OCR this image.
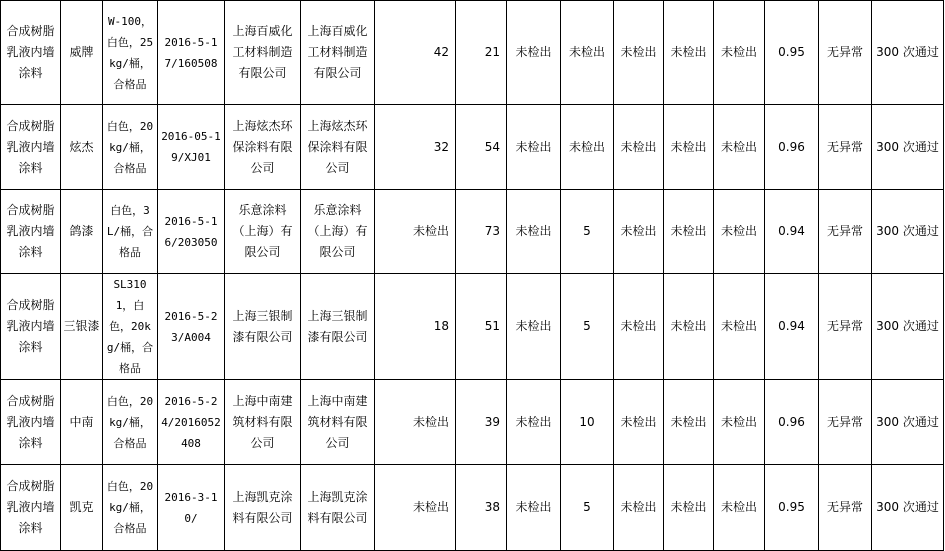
合成树脂乳液内墙涂料	威牌	W-100，白色，25kg/桶，合格品	2016-5-17/160508	上海百威化工材料制造有限公司	上海百威化工材料制造有限公司	42	21	未检出	未检出	未检出	未检出	未检出	0.95	无异常	300 次通过
合成树脂乳液内墙涂料	炫杰	白色，20kg/桶，合格品	2016-05-19/XJ01	上海炫杰环保涂料有限公司	上海炫杰环保涂料有限公司	32	54	未检出	未检出	未检出	未检出	未检出	0.96	无异常	300 次通过
合成树脂乳液内墙涂料	鸽漆	白色，3L/桶，合格品	2016-5-16/203050	乐意涂料（上海）有限公司	乐意涂料（上海）有限公司	未检出	73	未检出	5	未检出	未检出	未检出	0.94	无异常	300 次通过
合成树脂乳液内墙涂料	三银漆	SL3101，白色，20kg/桶，合格品	2016-5-23/A004	上海三银制漆有限公司	上海三银制漆有限公司	18	51	未检出	5	未检出	未检出	未检出	0.94	无异常	300 次通过
合成树脂乳液内墙涂料	中南	白色，20kg/桶，合格品	2016-5-24/2016052408	上海中南建筑材料有限公司	上海中南建筑材料有限公司	未检出	39	未检出	10	未检出	未检出	未检出	0.96	无异常	300 次通过
合成树脂乳液内墙涂料	凯克	白色，20kg/桶，合格品	2016-3-10/	上海凯克涂料有限公司	上海凯克涂料有限公司	未检出	38	未检出	5	未检出	未检出	未检出	0.95	无异常	300 次通过
